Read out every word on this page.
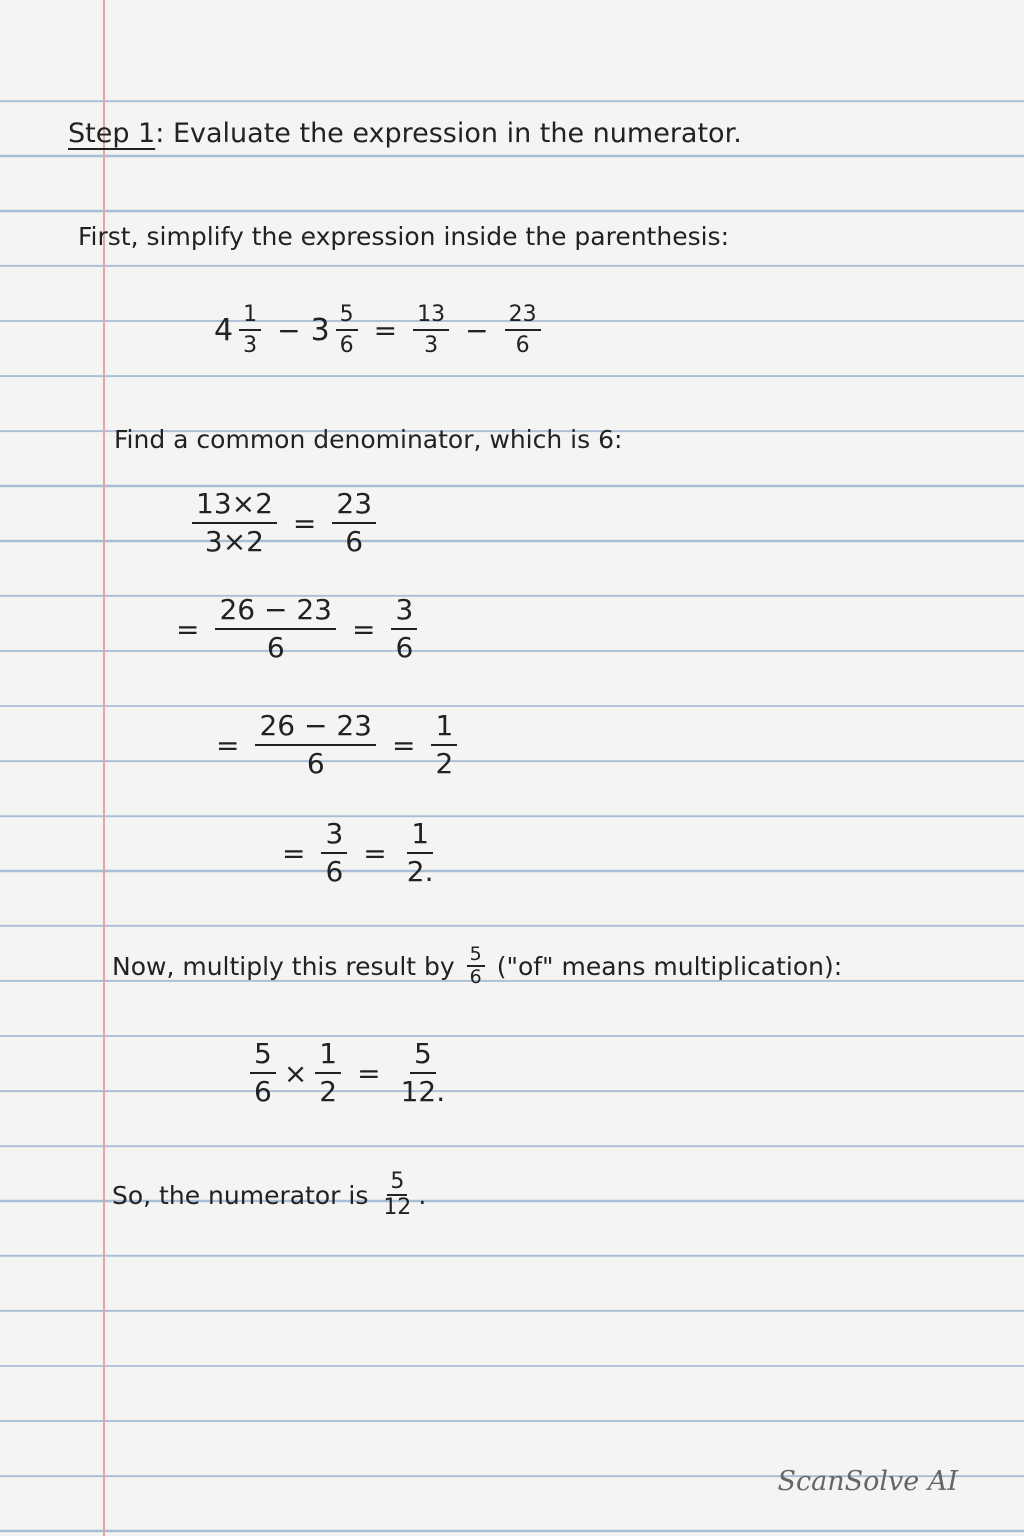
Step 1: Evaluate the expression in the numerator.
First, simplify the expression inside the parenthesis:
$4 \frac{1}{3} - 3 \frac{5}{6} = \frac{13}{3} - \frac{23}{6}$
Find a common denominator, which is 6:
$\frac{13\times 2}{3\times 2} = \frac{23}{6}$
= $\frac{26 - 23}{6} = \frac{3}{6}$
= $\frac{26 - 23}{6} = \frac{1}{2}$
= $\frac{3}{6} = \frac{1}{2.}$
Now, multiply this result by $\frac{5}{6}$ ("of" means multiplication):
$\frac{5}{6} \times \frac{1}{2} = \frac{5}{12.}$
So, the numerator is $\frac{5}{12}$ .
ScanSolve AI
